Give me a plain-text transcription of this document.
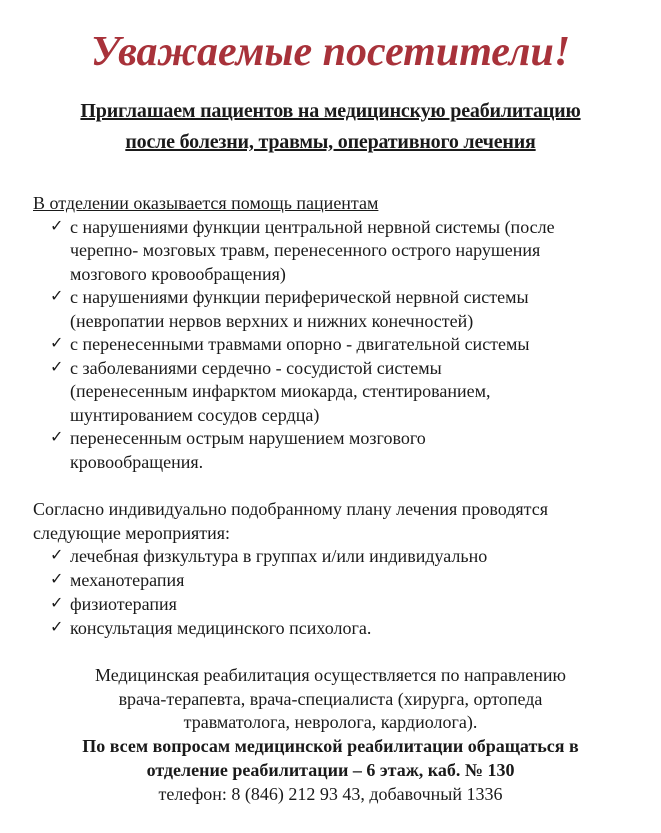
Уважаемые посетители!
Приглашаем пациентов на медицинскую реабилитацию
после болезни, травмы, оперативного лечения
В отделении оказывается помощь пациентам
✓ с нарушениями функции центральной нервной системы (после
черепно- мозговых травм, перенесенного острого нарушения
мозгового кровообращения)
✓ с нарушениями функции периферической нервной системы
(невропатии нервов верхних и нижних конечностей)
✓ с перенесенными травмами опорно - двигательной системы
✓ с заболеваниями сердечно - сосудистой системы
(перенесенным инфарктом миокарда, стентированием,
шунтированием сосудов сердца)
✓ перенесенным острым нарушением мозгового
кровообращения.
Согласно индивидуально подобранному плану лечения проводятся
следующие мероприятия:
✓ лечебная физкультура в группах и/или индивидуально
✓ механотерапия
✓ физиотерапия
✓ консультация медицинского психолога.
Медицинская реабилитация осуществляется по направлению
врача-терапевта, врача-специалиста (хирурга, ортопеда
травматолога, невролога, кардиолога).
По всем вопросам медицинской реабилитации обращаться в
отделение реабилитации – 6 этаж, каб. № 130
телефон: 8 (846) 212 93 43, добавочный 1336
